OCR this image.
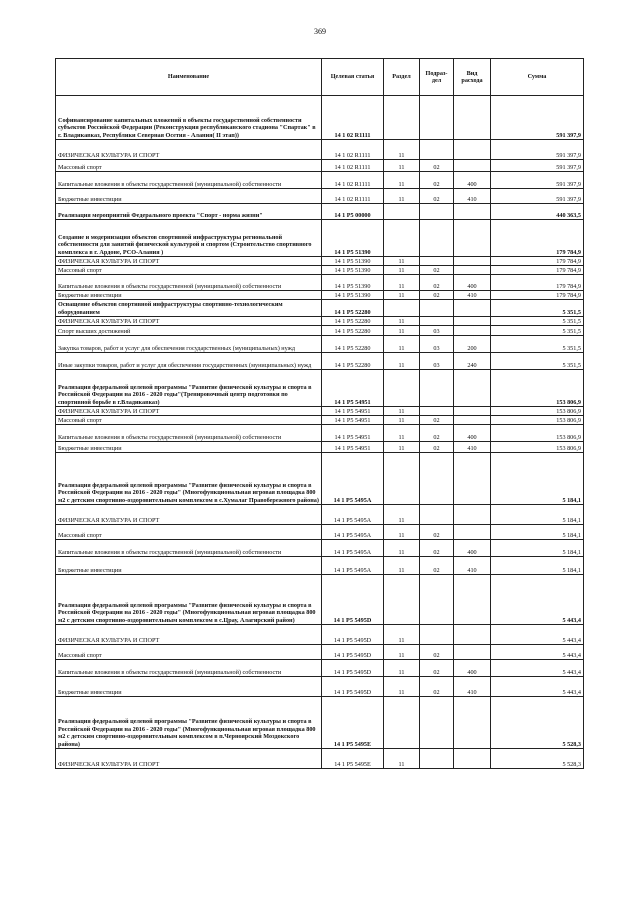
369
Наименование	Целевая статья	Раздел	Подраз-дел	Вид расхода	Сумма
Софинансирование капитальных вложений в объекты государственной собственности субъектов Российской Федерации (Реконструкция республиканского стадиона "Спартак" в г. Владикавказ, Республики Северная Осетия - Алания( II этап))	14 1 02 R1111				591 397,9
ФИЗИЧЕСКАЯ КУЛЬТУРА И СПОРТ	14 1 02 R1111	11			591 397,9
Массовый спорт	14 1 02 R1111	11	02		591 397,9
Капитальные вложения в объекты государственной (муниципальной) собственности	14 1 02 R1111	11	02	400	591 397,9
Бюджетные инвестиции	14 1 02 R1111	11	02	410	591 397,9
Реализация мероприятий Федерального проекта "Спорт - норма жизни"	14 1 P5 00000				440 363,5
Создание и модернизация объектов спортивной инфраструктуры региональной собственности для занятий физической культурой и спортом (Строительство спортивного комплекса в г. Ардоне, РСО-Алания )	14 1 P5 51390				179 784,9
ФИЗИЧЕСКАЯ КУЛЬТУРА И СПОРТ	14 1 P5 51390	11			179 784,9
Массовый спорт	14 1 P5 51390	11	02		179 784,9
Капитальные вложения в объекты государственной (муниципальной) собственности	14 1 P5 51390	11	02	400	179 784,9
Бюджетные инвестиции	14 1 P5 51390	11	02	410	179 784,9
Оснащение объектов спортивной инфраструктуры спортивно-технологическим оборудованием	14 1 P5 52280				5 351,5
ФИЗИЧЕСКАЯ КУЛЬТУРА И СПОРТ	14 1 P5 52280	11			5 351,5
Спорт высших достижений	14 1 P5 52280	11	03		5 351,5
Закупка товаров, работ и услуг для обеспечения государственных (муниципальных) нужд	14 1 P5 52280	11	03	200	5 351,5
Иные закупки товаров, работ и услуг для обеспечения государственных (муниципальных) нужд	14 1 P5 52280	11	03	240	5 351,5
Реализация федеральной целевой программы "Развитие физической культуры и спорта в Российской Федерации на 2016 - 2020 годы"(Тренировочный центр подготовки по спортивной борьбе в г.Владикавказ)	14 1 P5 54951				153 806,9
ФИЗИЧЕСКАЯ КУЛЬТУРА И СПОРТ	14 1 P5 54951	11			153 806,9
Массовый спорт	14 1 P5 54951	11	02		153 806,9
Капитальные вложения в объекты государственной (муниципальной) собственности	14 1 P5 54951	11	02	400	153 806,9
Бюджетные инвестиции	14 1 P5 54951	11	02	410	153 806,9
Реализация федеральной целевой программы "Развитие физической культуры и спорта в Российской Федерации на 2016 - 2020 годы" (Многофункциональная игровая площадка 800 м2 с детским спортивно-оздоровительным комплексом в с.Хумалаг Правобережного района)	14 1 P5 5495A				5 184,1
ФИЗИЧЕСКАЯ КУЛЬТУРА И СПОРТ	14 1 P5 5495A	11			5 184,1
Массовый спорт	14 1 P5 5495A	11	02		5 184,1
Капитальные вложения в объекты государственной (муниципальной) собственности	14 1 P5 5495A	11	02	400	5 184,1
Бюджетные инвестиции	14 1 P5 5495A	11	02	410	5 184,1
Реализация федеральной целевой программы "Развитие физической культуры и спорта в Российской Федерации на 2016 - 2020 годы" (Многофункциональная игровая площадка 800 м2 с детским спортивно-оздоровительным комплексом в с.Црау, Алагирский район)	14 1 P5 5495D				5 443,4
ФИЗИЧЕСКАЯ КУЛЬТУРА И СПОРТ	14 1 P5 5495D	11			5 443,4
Массовый спорт	14 1 P5 5495D	11	02		5 443,4
Капитальные вложения в объекты государственной (муниципальной) собственности	14 1 P5 5495D	11	02	400	5 443,4
Бюджетные инвестиции	14 1 P5 5495D	11	02	410	5 443,4
Реализация федеральной целевой программы "Развитие физической культуры и спорта в Российской Федерации на 2016 - 2020 годы" (Многофункциональная игровая площадка 800 м2 с детским спортивно-оздоровительным комплексом в п.Черноярский Моздокского района)	14 1 P5 5495E				5 528,3
ФИЗИЧЕСКАЯ КУЛЬТУРА И СПОРТ	14 1 P5 5495E	11			5 528,3
